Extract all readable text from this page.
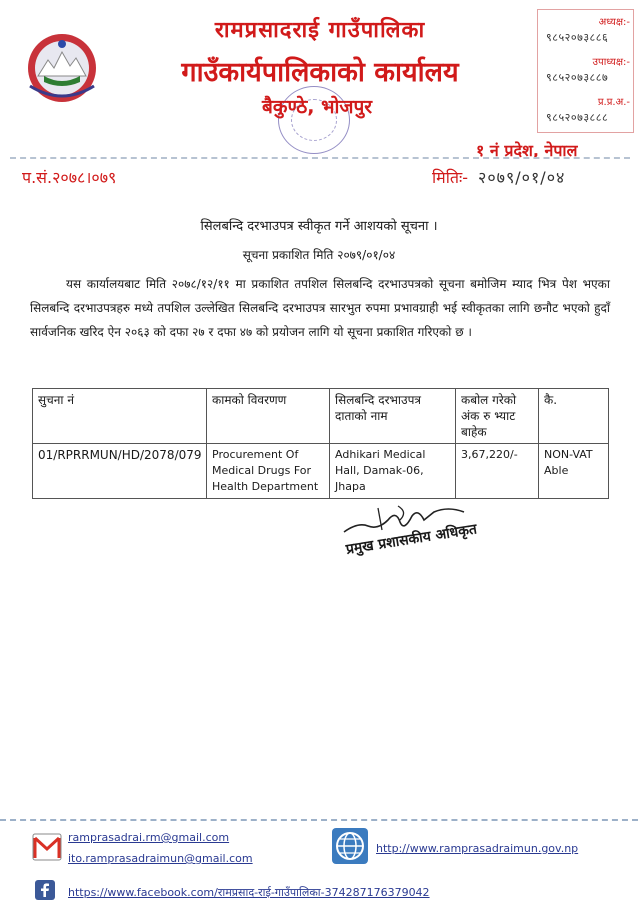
रामप्रसादराई गाउँपालिका
गाउँकार्यपालिकाको कार्यालय
बैकुण्ठे, भोजपुर
१ नं प्रदेश, नेपाल
अध्यक्ष:-
९८५२०७३८८६
उपाध्यक्ष:-
९८५२०७३८८७
प्र.प्र.अ.-
९८५२०७३८८८
प.सं.२०७८।०७९	मितिः- २०७९/०१/०४
सिलबन्दि दरभाउपत्र स्वीकृत गर्ने आशयको सूचना ।
सूचना प्रकाशित मिति २०७९/०१/०४

यस कार्यालयबाट मिति २०७८/१२/११ मा प्रकाशित तपशिल सिलबन्दि दरभाउपत्रको सूचना बमोजिम म्याद भित्र पेश भएका सिलबन्दि दरभाउपत्रहरु मध्ये तपशिल उल्लेखित सिलबन्दि दरभाउपत्र सारभुत रुपमा प्रभावग्राही भई स्वीकृतका लागि छनौट भएको हुदाँ सार्वजनिक खरिद ऐन २०६३ को दफा २७ र दफा ४७ को प्रयोजन लागि यो सूचना प्रकाशित गरिएको छ ।

सुचना नं	कामको विवरणण	सिलबन्दि दरभाउपत्र दाताको नाम	कबोल गरेको अंक रु भ्याट बाहेक	कै.
01/RPRRMUN/HD/2078/079	Procurement Of Medical Drugs For Health Department	Adhikari Medical Hall, Damak-06, Jhapa	3,67,220/-	NON-VAT Able
प्रमुख प्रशासकीय अधिकृत
ramprasadrai.rm@gmail.com
ito.ramprasadraimun@gmail.com
http://www.ramprasadraimun.gov.np
https://www.facebook.com/रामप्रसाद-राई-गाउँपालिका-374287176379042
